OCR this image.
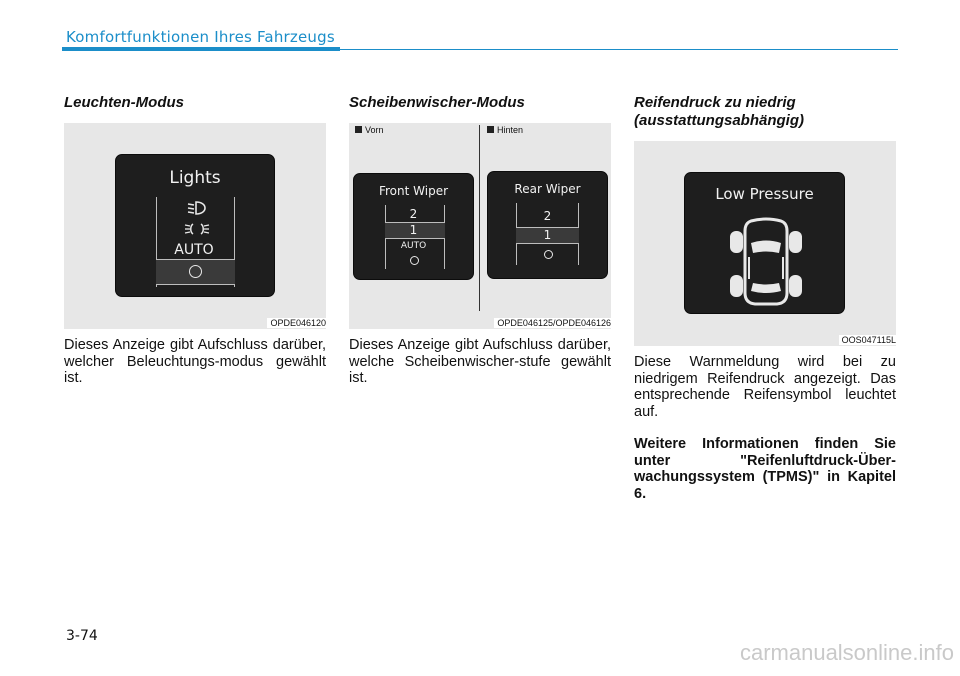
Komfortfunktionen Ihres Fahrzeugs
Leuchten-Modus
Lights
AUTO
OPDE046120
Dieses Anzeige gibt Aufschluss darüber, welcher Beleuchtungs-modus gewählt ist.
Scheibenwischer-Modus
Vorn	Hinten
Front Wiper
2
1
AUTO
Rear Wiper
2
1
OPDE046125/OPDE046126
Dieses Anzeige gibt Aufschluss darüber, welche Scheibenwischer-stufe gewählt ist.
Reifendruck zu niedrig (ausstattungsabhängig)
Low Pressure
OOS047115L
Diese Warnmeldung wird bei zu niedrigem Reifendruck angezeigt. Das entsprechende Reifensymbol leuchtet auf.
Weitere Informationen finden Sie unter "Reifenluftdruck-Über-wachungssystem (TPMS)" in Kapitel 6.
3-74
carmanualsonline.info
